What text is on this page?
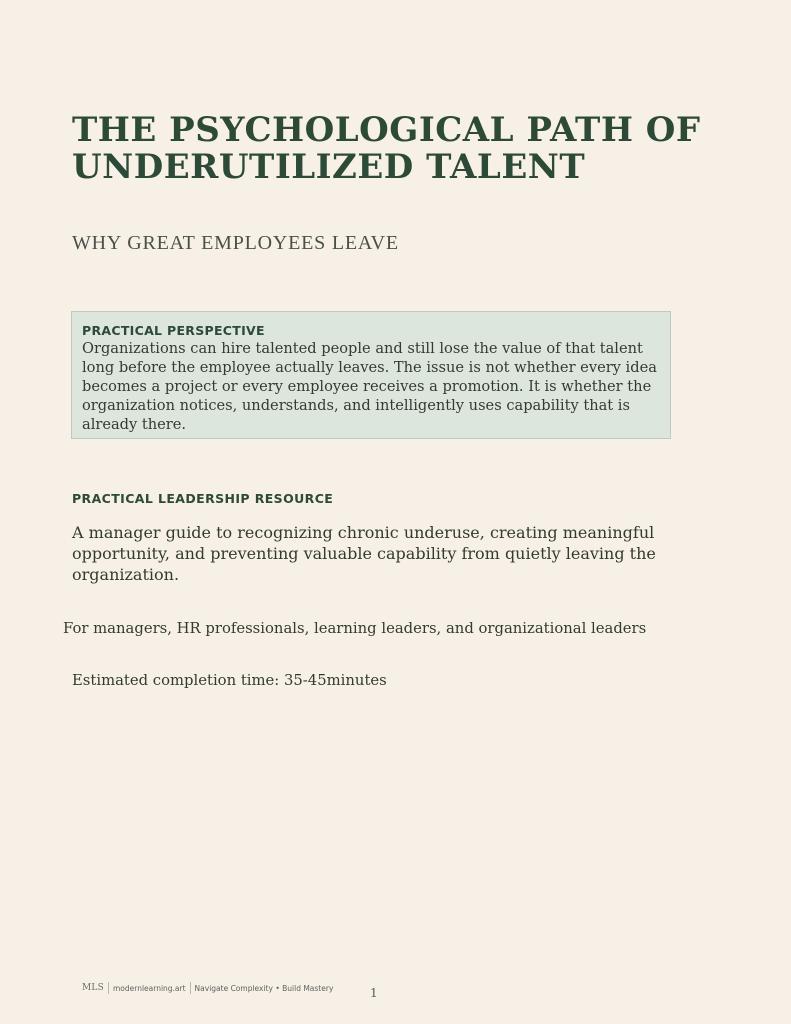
THE PSYCHOLOGICAL PATH OF UNDERUTILIZED TALENT
WHY GREAT EMPLOYEES LEAVE
PRACTICAL PERSPECTIVE
Organizations can hire talented people and still lose the value of that talent long before the employee actually leaves. The issue is not whether every idea becomes a project or every employee receives a promotion. It is whether the organization notices, understands, and intelligently uses capability that is already there.
PRACTICAL LEADERSHIP RESOURCE

A manager guide to recognizing chronic underuse, creating meaningful opportunity, and preventing valuable capability from quietly leaving the organization.

For managers, HR professionals, learning leaders, and organizational leaders
Estimated completion time: 35-45minutes
MLS modernlearning.art Navigate Complexity • Build Mastery	1
